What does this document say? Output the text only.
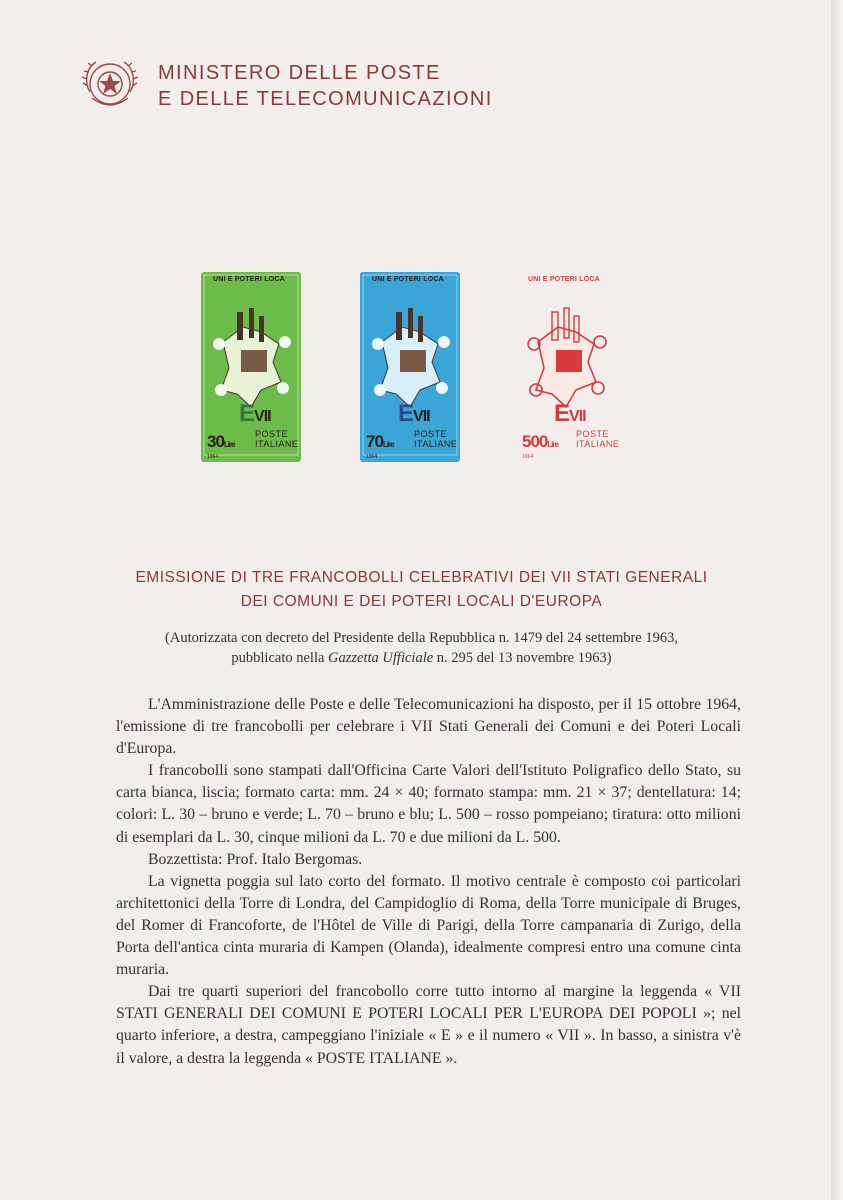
MINISTERO DELLE POSTE
E DELLE TELECOMUNICAZIONI
UNI E POTERI LOCA
EVII
30Lire
POSTE
ITALIANE
1964
UNI E POTERI LOCA
EVII
70Lire
POSTE
ITALIANE
1964
UNI E POTERI LOCA
EVII
500Lire
POSTE
ITALIANE
1964
EMISSIONE DI TRE FRANCOBOLLI CELEBRATIVI DEI VII STATI GENERALI
DEI COMUNI E DEI POTERI LOCALI D'EUROPA
(Autorizzata con decreto del Presidente della Repubblica n. 1479 del 24 settembre 1963,
pubblicato nella Gazzetta Ufficiale n. 295 del 13 novembre 1963)

L'Amministrazione delle Poste e delle Telecomunicazioni ha disposto, per il 15 ottobre 1964, l'emissione di tre francobolli per celebrare i VII Stati Generali dei Comuni e dei Poteri Locali d'Europa.

I francobolli sono stampati dall'Officina Carte Valori dell'Istituto Poligrafico dello Stato, su carta bianca, liscia; formato carta: mm. 24 × 40; formato stampa: mm. 21 × 37; dentellatura: 14; colori: L. 30 – bruno e verde; L. 70 – bruno e blu; L. 500 – rosso pompeiano; tiratura: otto milioni di esemplari da L. 30, cinque milioni da L. 70 e due milioni da L. 500.

Bozzettista: Prof. Italo Bergomas.

La vignetta poggia sul lato corto del formato. Il motivo centrale è composto coi particolari architettonici della Torre di Londra, del Campidoglio di Roma, della Torre municipale di Bruges, del Romer di Francoforte, de l'Hôtel de Ville di Parigi, della Torre campanaria di Zurigo, della Porta dell'antica cinta muraria di Kampen (Olanda), idealmente compresi entro una comune cinta muraria.

Dai tre quarti superiori del francobollo corre tutto intorno al margine la leggenda « VII STATI GENERALI DEI COMUNI E POTERI LOCALI PER L'EUROPA DEI POPOLI »; nel quarto inferiore, a destra, campeggiano l'iniziale « E » e il numero « VII ». In basso, a sinistra v'è il valore, a destra la leggenda « POSTE ITALIANE ».
